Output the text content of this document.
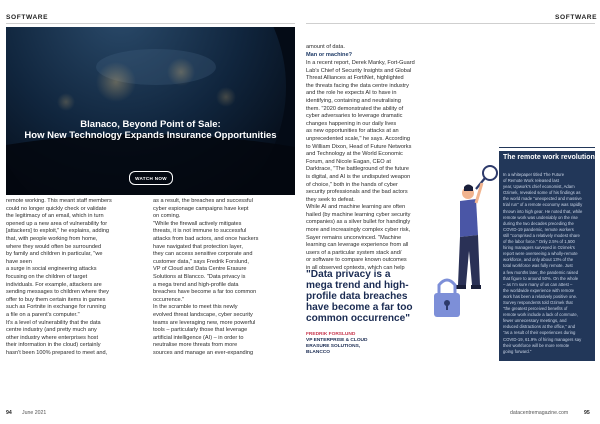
SOFTWARE	SOFTWARE
Blanaco, Beyond Point of Sale:
How New Technology Expands Insurance Opportunities
WATCH NOW
remote working. This meant staff members
could no longer quickly check or validate
the legitimacy of an email, which in turn
opened up a new area of vulnerability for
[attackers] to exploit," he explains, adding
that, with people working from home,
where they would often be surrounded
by family and children in particular, "we
have seen
a surge in social engineering attacks
focusing on the children of target
individuals. For example, attackers are
sending messages to children where they
offer to buy them certain items in games
such as Fortnite in exchange for running
a file on a parent's computer."
It's a level of vulnerability that the data
centre industry (and pretty much any
other industry where enterprises host
their information in the cloud) certainly
hasn't been 100% prepared to meet and,
as a result, the breaches and successful
cyber espionage campaigns have kept
on coming.
"While the firewall actively mitigates
threats, it is not immune to successful
attacks from bad actors, and once hackers
have navigated that protection layer,
they can access sensitive corporate and
customer data," says Fredrik Forslund,
VP of Cloud and Data Centre Erasure
Solutions at Blancco. "Data privacy is
a mega trend and high-profile data
breaches have become a far too common
occurrence."
In the scramble to meet this newly
evolved threat landscape, cyber security
teams are leveraging new, more powerful
tools – particularly those that leverage
artificial intelligence (AI) – in order to
neutralise more threats from more
sources and manage an ever-expanding
amount of data.
Man or machine?
In a recent report, Derek Manky, Fort-Guard
Lab's Chief of Security Insights and Global
Threat Alliances at FortiNet, highlighted
the threats facing the data centre industry
and the role he expects AI to have in
identifying, containing and neutralising
them. "2020 demonstrated the ability of
cyber adversaries to leverage dramatic
changes happening in our daily lives
as new opportunities for attacks at an
unprecedented scale," he says. According
to William Dixon, Head of Future Networks
and Technology at the World Economic
Forum, and Nicole Eagan, CEO at
Darktrace, "The battleground of the future
is digital, and AI is the undisputed weapon
of choice," both in the hands of cyber
security professionals and the bad actors
they seek to defeat.
While AI and machine learning are often
hailed (by machine learning cyber security
companies) as a silver bullet for handingly
more and increasingly complex cyber risk,
Sayer remains unconvinced. "Machine
learning can leverage experience from all
users of a particular system stack and/
or software to compare known outcomes
in all observed contexts, which can help
"Data privacy is a
mega trend and high-
profile data breaches
have become a far too
common occurrence"
FREDRIK FORSLUND
VP ENTERPRISE & CLOUD
ERASURE SOLUTIONS,
BLANCCO
The remote work revolution
In a whitepaper titled The Future
of Remote Work released last
year, Upwork's chief economist, Adam
Ozimek, revealed some of his findings as
the world made "unexpected and massive
trial run" of a remote economy was rapidly
thrown into high gear. He noted that, while
remote work was undeniably on the rise
during the two decades preceding the
COVID-19 pandemic, remote workers
still "comprised a relatively modest share
of the labor force." Only 2.5% of 1,500
hiring managers surveyed in Ozimek's
report were overseeing a wholly-remote
workforce, and only about 13% of the
total workforce was fully remote. Just
a few months later, the pandemic raised
that figure to around 50%. On the whole
– as I'm sure many of us can attest –
the worldwide experience with remote
work has been a relatively positive one.
Survey respondents told Ozimek that
"the greatest perceived benefits of
remote work include a lack of commute,
fewer unnecessary meetings, and
reduced distractions at the office," and
"as a result of their experiences during
COVID-19, 61.9% of hiring managers say
their workforce will be more remote
going forward."
94 June 2021	datacentremagazine.com	95
